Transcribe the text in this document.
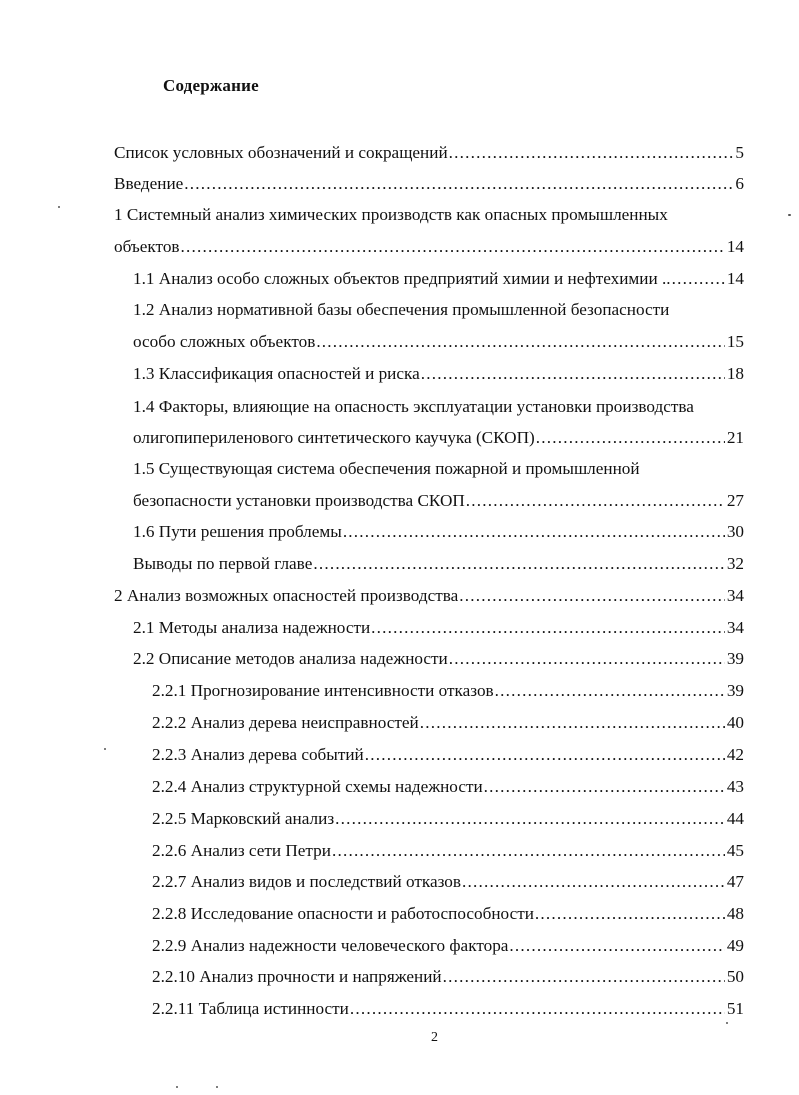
Содержание
Список условных обозначений и сокращений .....	5
Введение .....	6
1 Системный анализ химических производств как опасных промышленных
объектов .....	14
1.1 Анализ особо сложных объектов предприятий химии и нефтехимии .. .....	14
1.2 Анализ нормативной базы обеспечения промышленной безопасности
особо сложных объектов .....	15
1.3 Классификация опасностей и риска .....	18
1.4 Факторы, влияющие на опасность эксплуатации установки производства
олигопипериленового синтетического каучука (СКОП) .....	21
1.5 Существующая система обеспечения пожарной и промышленной
безопасности установки производства СКОП .....	27
1.6 Пути решения проблемы .....	30
Выводы по первой главе .....	32
2 Анализ возможных опасностей производства .....	34
2.1 Методы анализа надежности .....	34
2.2 Описание методов анализа надежности .....	39
2.2.1 Прогнозирование интенсивности отказов .....	39
2.2.2 Анализ дерева неисправностей .....	40
2.2.3 Анализ дерева событий .....	42
2.2.4 Анализ структурной схемы надежности .....	43
2.2.5 Марковский анализ .....	44
2.2.6 Анализ сети Петри .....	45
2.2.7 Анализ видов и последствий отказов .....	47
2.2.8 Исследование опасности и работоспособности .....	48
2.2.9 Анализ надежности человеческого фактора .....	49
2.2.10 Анализ прочности и напряжений .....	50
2.2.11 Таблица истинности .....	51
2
